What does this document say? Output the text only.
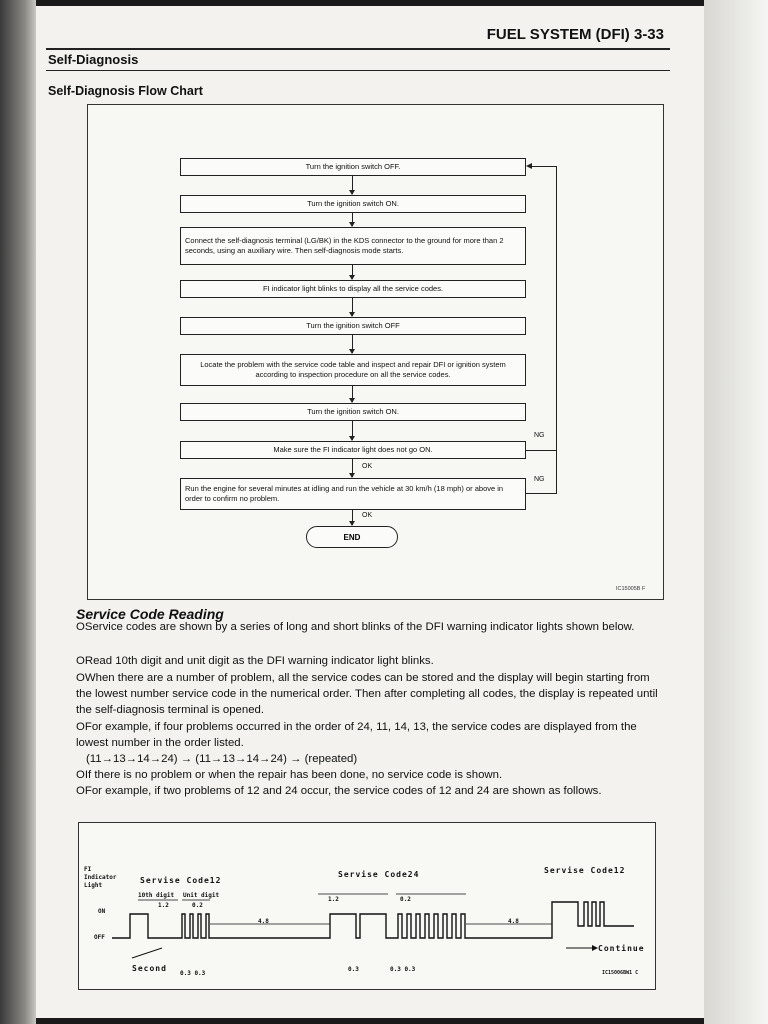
FUEL SYSTEM (DFI) 3-33
Self-Diagnosis
Self-Diagnosis Flow Chart
Turn the ignition switch OFF.
Turn the ignition switch ON.
Connect the self-diagnosis terminal (LG/BK) in the KDS connector to the ground for more than 2 seconds, using an auxiliary wire. Then self-diagnosis mode starts.
FI indicator light blinks to display all the service codes.
Turn the ignition switch OFF
Locate the problem with the service code table and inspect and repair DFI or ignition system according to inspection procedure on all the service codes.
Turn the ignition switch ON.
Make sure the FI indicator light does not go ON.
OK
Run the engine for several minutes at idling and run the vehicle at 30 km/h (18 mph) or above in order to confirm no problem.
OK
END
NG
NG
IC15005B F
Service Code Reading
OService codes are shown by a series of long and short blinks of the DFI warning indicator lights shown below.
ORead 10th digit and unit digit as the DFI warning indicator light blinks.
OWhen there are a number of problem, all the service codes can be stored and the display will begin starting from the lowest number service code in the numerical order. Then after completing all codes, the display is repeated until the self-diagnosis terminal is opened.
OFor example, if four problems occurred in the order of 24, 11, 14, 13, the service codes are displayed from the lowest number in the order listed.
(11→13→14→24) → (11→13→14→24) → (repeated)
OIf there is no problem or when the repair has been done, no service code is shown.
OFor example, if two problems of 12 and 24 occur, the service codes of 12 and 24 are shown as follows.
FI Indicator Light
ON
OFF
Servise Code12
Servise Code24	Servise Code12
10th digit Unit digit
1.2	0.2
1.2	0.2
4.8	4.8
0.3 0.3
0.3	0.3 0.3
Second
Continue
IC15006BW1 C
